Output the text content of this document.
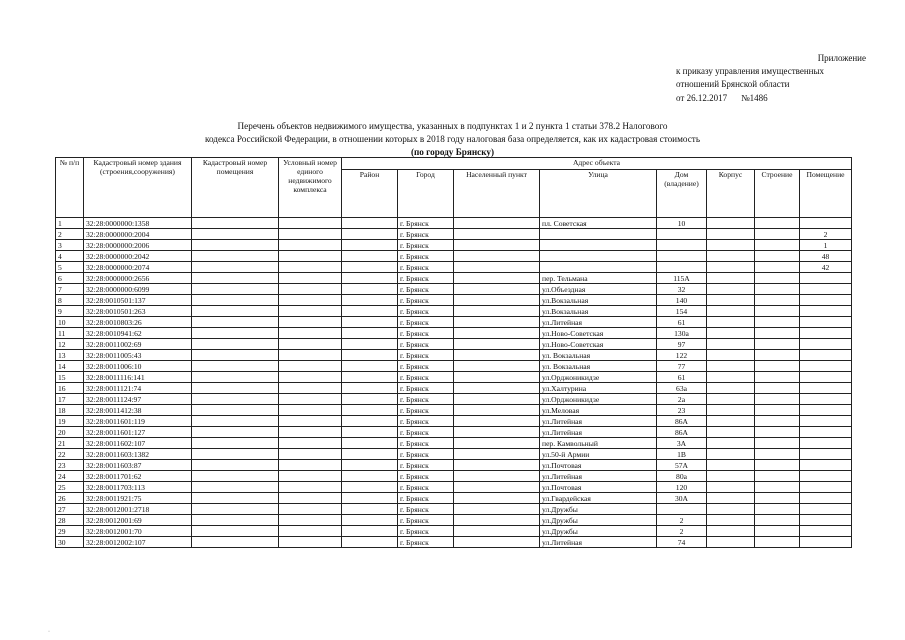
Приложение
к приказу управления имущественных
отношений Брянской области
от 26.12.2017 №1486
Перечень объектов недвижимого имущества, указанных в подпунктах 1 и 2 пункта 1 статьи 378.2 Налогового
кодекса Российской Федерации, в отношении которых в 2018 году налоговая база определяется, как их кадастровая стоимость
(по городу Брянску)
№ п/п	Кадастровый номер здания (строения,сооружения)	Кадастровый номер помещения	Условный номер единого недвижимого комплекса	Адрес объекта							
				Район	Город	Населенный пункт	Улица	Дом (владение)	Корпус	Строение	Помещение
1	32:28:0000000:1358				г. Брянск		пл. Советская	10			
2	32:28:0000000:2004				г. Брянск						2
3	32:28:0000000:2006				г. Брянск						1
4	32:28:0000000:2042				г. Брянск						48
5	32:28:0000000:2074				г. Брянск						42
6	32:28:0000000:2656				г. Брянск		пер. Тельмана	115А			
7	32:28:0000000:6099				г. Брянск		ул.Объездная	32			
8	32:28:0010501:137				г. Брянск		ул.Вокзальная	140			
9	32:28:0010501:263				г. Брянск		ул.Вокзальная	154			
10	32:28:0010803:26				г. Брянск		ул.Литейная	61			
11	32:28:0010941:62				г. Брянск		ул.Ново-Советская	130а			
12	32:28:0011002:69				г. Брянск		ул.Ново-Советская	97			
13	32:28:0011005:43				г. Брянск		ул. Вокзальная	122			
14	32:28:0011006:10				г. Брянск		ул. Вокзальная	77			
15	32:28:0011116:141				г. Брянск		ул.Орджоникидзе	61			
16	32:28:0011121:74				г. Брянск		ул.Халтурина	63а			
17	32:28:0011124:97				г. Брянск		ул.Орджоникидзе	2а			
18	32:28:0011412:38				г. Брянск		ул.Меловая	23			
19	32:28:0011601:119				г. Брянск		ул.Литейная	86А			
20	32:28:0011601:127				г. Брянск		ул.Литейная	86А			
21	32:28:0011602:107				г. Брянск		пер. Камвольный	3А			
22	32:28:0011603:1382				г. Брянск		ул.50-й Армии	1В			
23	32:28:0011603:87				г. Брянск		ул.Почтовая	57А			
24	32:28:0011701:62				г. Брянск		ул.Литейная	80а			
25	32:28:0011703:113				г. Брянск		ул.Почтовая	120			
26	32:28:0011921:75				г. Брянск		ул.Гвардейская	30А			
27	32:28:0012001:2718				г. Брянск		ул.Дружбы				
28	32:28:0012001:69				г. Брянск		ул.Дружбы	2			
29	32:28:0012001:70				г. Брянск		ул.Дружбы	2			
30	32:28:0012002:107				г. Брянск		ул.Литейная	74			
·
